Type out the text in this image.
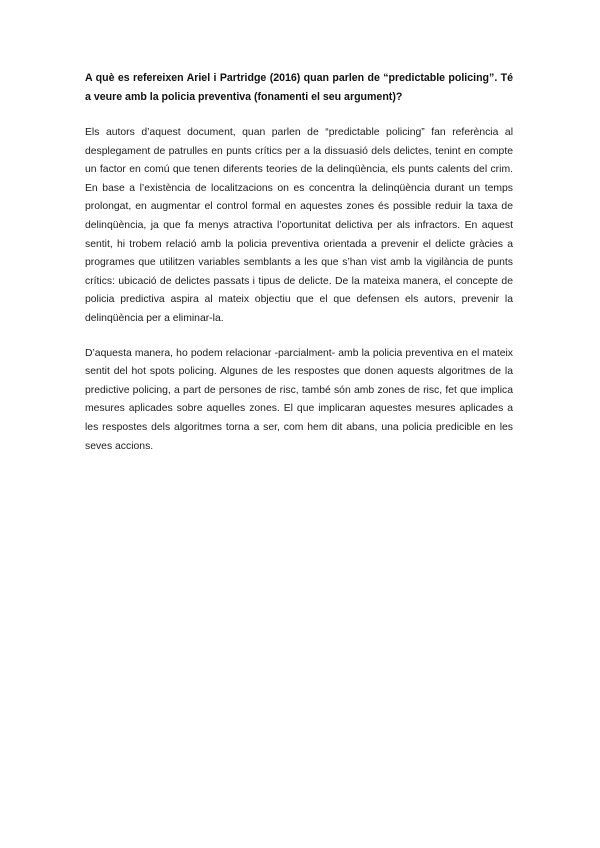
A què es refereixen Ariel i Partridge (2016) quan parlen de “predictable policing”. Té a veure amb la policia preventiva (fonamenti el seu argument)?

Els autors d’aquest document, quan parlen de “predictable policing” fan referència al desplegament de patrulles en punts crítics per a la dissuasió dels delictes, tenint en compte un factor en comú que tenen diferents teories de la delinqüència, els punts calents del crim. En base a l’existència de localitzacions on es concentra la delinqüència durant un temps prolongat, en augmentar el control formal en aquestes zones és possible reduir la taxa de delinqüència, ja que fa menys atractiva l’oportunitat delictiva per als infractors. En aquest sentit, hi trobem relació amb la policia preventiva orientada a prevenir el delicte gràcies a programes que utilitzen variables semblants a les que s’han vist amb la vigilància de punts crítics: ubicació de delictes passats i tipus de delicte. De la mateixa manera, el concepte de policia predictiva aspira al mateix objectiu que el que defensen els autors, prevenir la delinqüència per a eliminar-la.

D’aquesta manera, ho podem relacionar -parcialment- amb la policia preventiva en el mateix sentit del hot spots policing. Algunes de les respostes que donen aquests algoritmes de la predictive policing, a part de persones de risc, també són amb zones de risc, fet que implica mesures aplicades sobre aquelles zones. El que implicaran aquestes mesures aplicades a les respostes dels algoritmes torna a ser, com hem dit abans, una policia predicible en les seves accions.
